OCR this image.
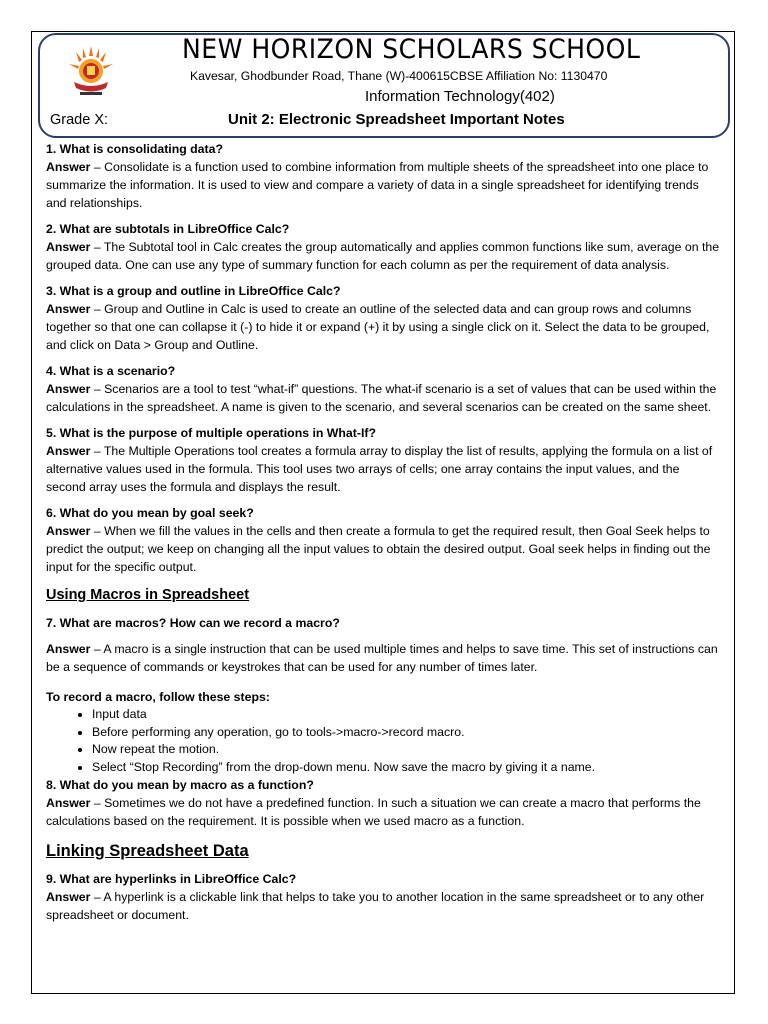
NEW HORIZON SCHOLARS SCHOOL
Kavesar, Ghodbunder Road, Thane (W)-400615CBSE Affiliation No: 1130470
Information Technology(402)
Grade X:	Unit 2: Electronic Spreadsheet Important Notes
1. What is consolidating data?

Answer – Consolidate is a function used to combine information from multiple sheets of the spreadsheet into one place to summarize the information. It is used to view and compare a variety of data in a single spreadsheet for identifying trends and relationships.

2. What are subtotals in LibreOffice Calc?

Answer – The Subtotal tool in Calc creates the group automatically and applies common functions like sum, average on the grouped data. One can use any type of summary function for each column as per the requirement of data analysis.

3. What is a group and outline in LibreOffice Calc?

Answer – Group and Outline in Calc is used to create an outline of the selected data and can group rows and columns together so that one can collapse it (-) to hide it or expand (+) it by using a single click on it. Select the data to be grouped, and click on Data > Group and Outline.

4. What is a scenario?

Answer – Scenarios are a tool to test “what-if” questions. The what-if scenario is a set of values that can be used within the calculations in the spreadsheet. A name is given to the scenario, and several scenarios can be created on the same sheet.

5. What is the purpose of multiple operations in What-If?

Answer – The Multiple Operations tool creates a formula array to display the list of results, applying the formula on a list of alternative values used in the formula. This tool uses two arrays of cells; one array contains the input values, and the second array uses the formula and displays the result.

6. What do you mean by goal seek?

Answer – When we fill the values in the cells and then create a formula to get the required result, then Goal Seek helps to predict the output; we keep on changing all the input values to obtain the desired output. Goal seek helps in finding out the input for the specific output.

Using Macros in Spreadsheet
7. What are macros? How can we record a macro?

Answer – A macro is a single instruction that can be used multiple times and helps to save time. This set of instructions can be a sequence of commands or keystrokes that can be used for any number of times later.

To record a macro, follow these steps:
• Input data
• Before performing any operation, go to tools->macro->record macro.
• Now repeat the motion.
• Select “Stop Recording” from the drop-down menu. Now save the macro by giving it a name.
8. What do you mean by macro as a function?

Answer – Sometimes we do not have a predefined function. In such a situation we can create a macro that performs the calculations based on the requirement. It is possible when we used macro as a function.

Linking Spreadsheet Data
9. What are hyperlinks in LibreOffice Calc?

Answer – A hyperlink is a clickable link that helps to take you to another location in the same spreadsheet or to any other spreadsheet or document.
